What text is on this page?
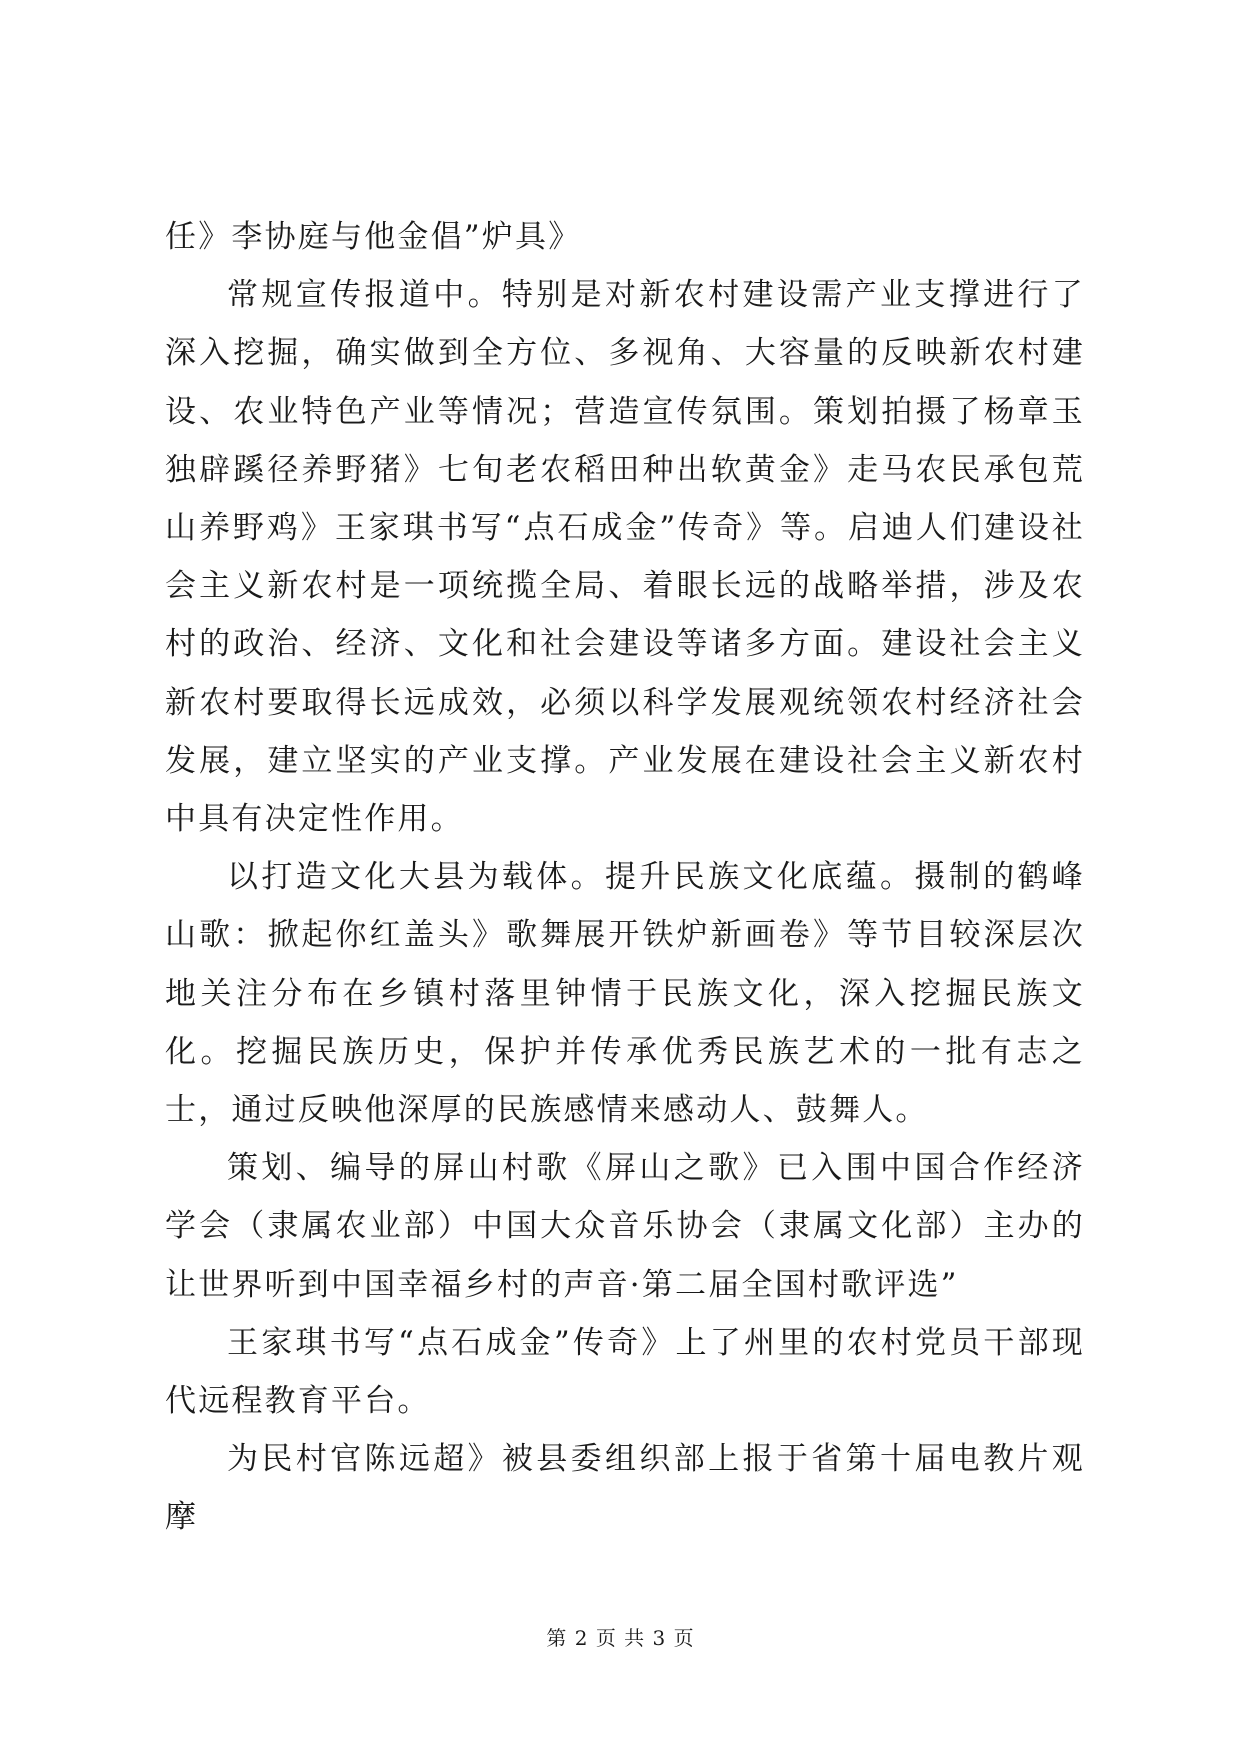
任》李协庭与他金倡”炉具》

常规宣传报道中。特别是对新农村建设需产业支撑进行了深入挖掘，确实做到全方位、多视角、大容量的反映新农村建设、农业特色产业等情况；营造宣传氛围。策划拍摄了杨章玉独辟蹊径养野猪》七旬老农稻田种出软黄金》走马农民承包荒山养野鸡》王家琪书写“点石成金”传奇》等。启迪人们建设社会主义新农村是一项统揽全局、着眼长远的战略举措，涉及农村的政治、经济、文化和社会建设等诸多方面。建设社会主义新农村要取得长远成效，必须以科学发展观统领农村经济社会发展，建立坚实的产业支撑。产业发展在建设社会主义新农村中具有决定性作用。

以打造文化大县为载体。提升民族文化底蕴。摄制的鹤峰山歌：掀起你红盖头》歌舞展开铁炉新画卷》等节目较深层次地关注分布在乡镇村落里钟情于民族文化，深入挖掘民族文化。挖掘民族历史，保护并传承优秀民族艺术的一批有志之士，通过反映他深厚的民族感情来感动人、鼓舞人。

策划、编导的屏山村歌《屏山之歌》已入围中国合作经济学会（隶属农业部）中国大众音乐协会（隶属文化部）主办的让世界听到中国幸福乡村的声音·第二届全国村歌评选”

王家琪书写“点石成金”传奇》上了州里的农村党员干部现代远程教育平台。

为民村官陈远超》被县委组织部上报于省第十届电教片观摩

第 2 页 共 3 页
